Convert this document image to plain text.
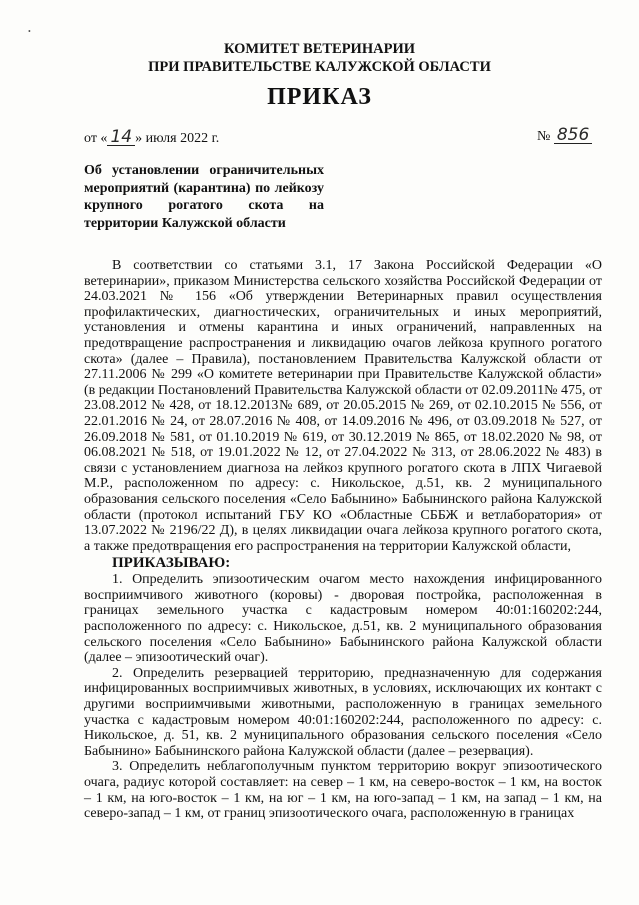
•
КОМИТЕТ ВЕТЕРИНАРИИ
ПРИ ПРАВИТЕЛЬСТВЕ КАЛУЖСКОЙ ОБЛАСТИ
ПРИКАЗ
от « 14 » июля 2022 г.	№ 856
Об установлении ограничительных мероприятий (карантина) по лейкозу крупного рогатого скота на территории Калужской области

В соответствии со статьями 3.1, 17 Закона Российской Федерации «О ветеринарии», приказом Министерства сельского хозяйства Российской Федерации от 24.03.2021 № 156 «Об утверждении Ветеринарных правил осуществления профилактических, диагностических, ограничительных и иных мероприятий, установления и отмены карантина и иных ограничений, направленных на предотвращение распространения и ликвидацию очагов лейкоза крупного рогатого скота» (далее – Правила), постановлением Правительства Калужской области от 27.11.2006 № 299 «О комитете ветеринарии при Правительстве Калужской области» (в редакции Постановлений Правительства Калужской области от 02.09.2011№ 475, от 23.08.2012 № 428, от 18.12.2013№ 689, от 20.05.2015 № 269, от 02.10.2015 № 556, от 22.01.2016 № 24, от 28.07.2016 № 408, от 14.09.2016 № 496, от 03.09.2018 № 527, от 26.09.2018 № 581, от 01.10.2019 № 619, от 30.12.2019 № 865, от 18.02.2020 № 98, от 06.08.2021 № 518, от 19.01.2022 № 12, от 27.04.2022 № 313, от 28.06.2022 № 483) в связи с установлением диагноза на лейкоз крупного рогатого скота в ЛПХ Чигаевой М.Р., расположенном по адресу: с. Никольское, д.51, кв. 2 муниципального образования сельского поселения «Село Бабынино» Бабынинского района Калужской области (протокол испытаний ГБУ КО «Областные СББЖ и ветлаборатория» от 13.07.2022 № 2196/22 Д), в целях ликвидации очага лейкоза крупного рогатого скота, а также предотвращения его распространения на территории Калужской области,

ПРИКАЗЫВАЮ:

1. Определить эпизоотическим очагом место нахождения инфицированного восприимчивого животного (коровы) - дворовая постройка, расположенная в границах земельного участка с кадастровым номером 40:01:160202:244, расположенного по адресу: с. Никольское, д.51, кв. 2 муниципального образования сельского поселения «Село Бабынино» Бабынинского района Калужской области (далее – эпизоотический очаг).

2. Определить резервацией территорию, предназначенную для содержания инфицированных восприимчивых животных, в условиях, исключающих их контакт с другими восприимчивыми животными, расположенную в границах земельного участка с кадастровым номером 40:01:160202:244, расположенного по адресу: с. Никольское, д. 51, кв. 2 муниципального образования сельского поселения «Село Бабынино» Бабынинского района Калужской области (далее – резервация).

3. Определить неблагополучным пунктом территорию вокруг эпизоотического очага, радиус которой составляет: на север – 1 км, на северо-восток – 1 км, на восток – 1 км, на юго-восток – 1 км, на юг – 1 км, на юго-запад – 1 км, на запад – 1 км, на северо-запад – 1 км, от границ эпизоотического очага, расположенную в границах
